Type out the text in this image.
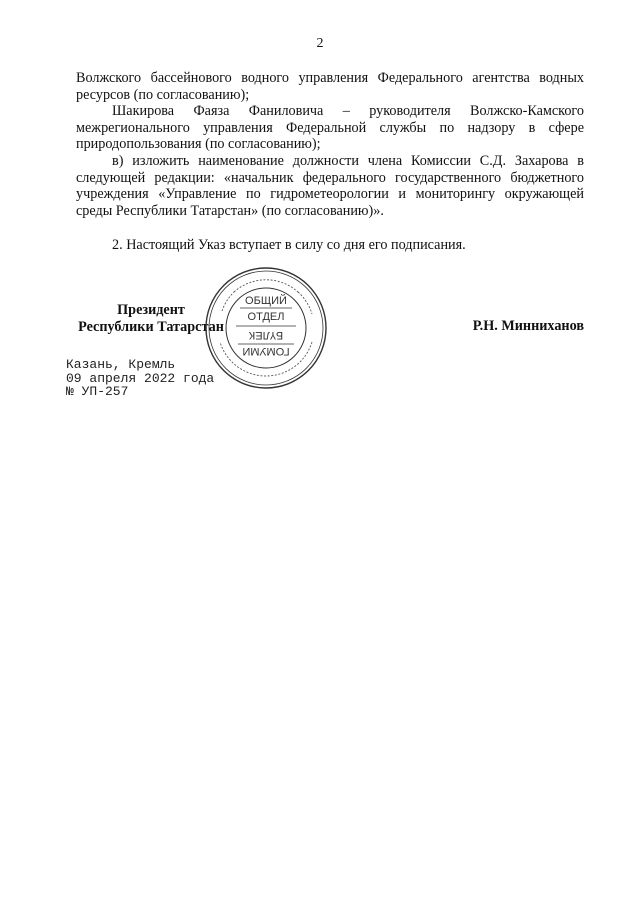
2

Волжского бассейнового водного управления Федерального агентства водных ресурсов (по согласованию);

Шакирова Фаяза Фаниловича – руководителя Волжско-Камского межрегионального управления Федеральной службы по надзору в сфере природопользования (по согласованию);

в) изложить наименование должности члена Комиссии С.Д. Захарова в следующей редакции: «начальник федерального государственного бюджетного учреждения «Управление по гидрометеорологии и мониторингу окружающей среды Республики Татарстан» (по согласованию)».

2. Настоящий Указ вступает в силу со дня его подписания.

Президент
Республики Татарстан
ОБЩИЙ
ОТДЕЛ
БҮЛЕК
ГОМУМИ
Р.Н. Минниханов
Казань, Кремль
09 апреля 2022 года
№ УП-257
